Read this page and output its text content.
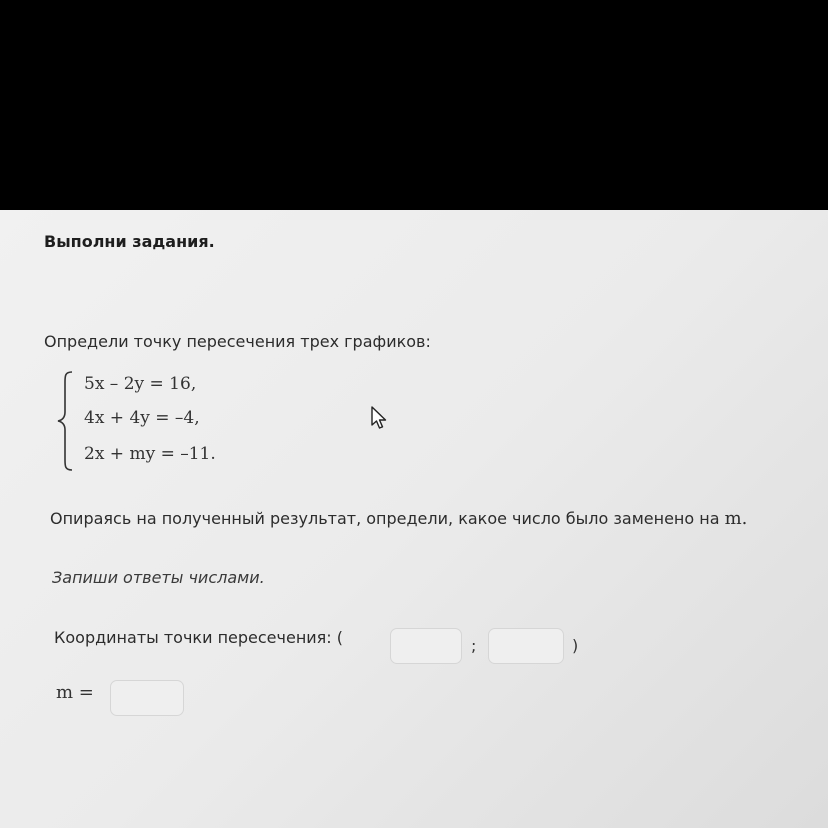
Выполни задания.
Определи точку пересечения трех графиков:
5x – 2y = 16,
4x + 4y = –4,
2x + my = –11.
Опираясь на полученный результат, определи, какое число было заменено на m.
Запиши ответы числами.
Координаты точки пересечения: (	;	)
m =
